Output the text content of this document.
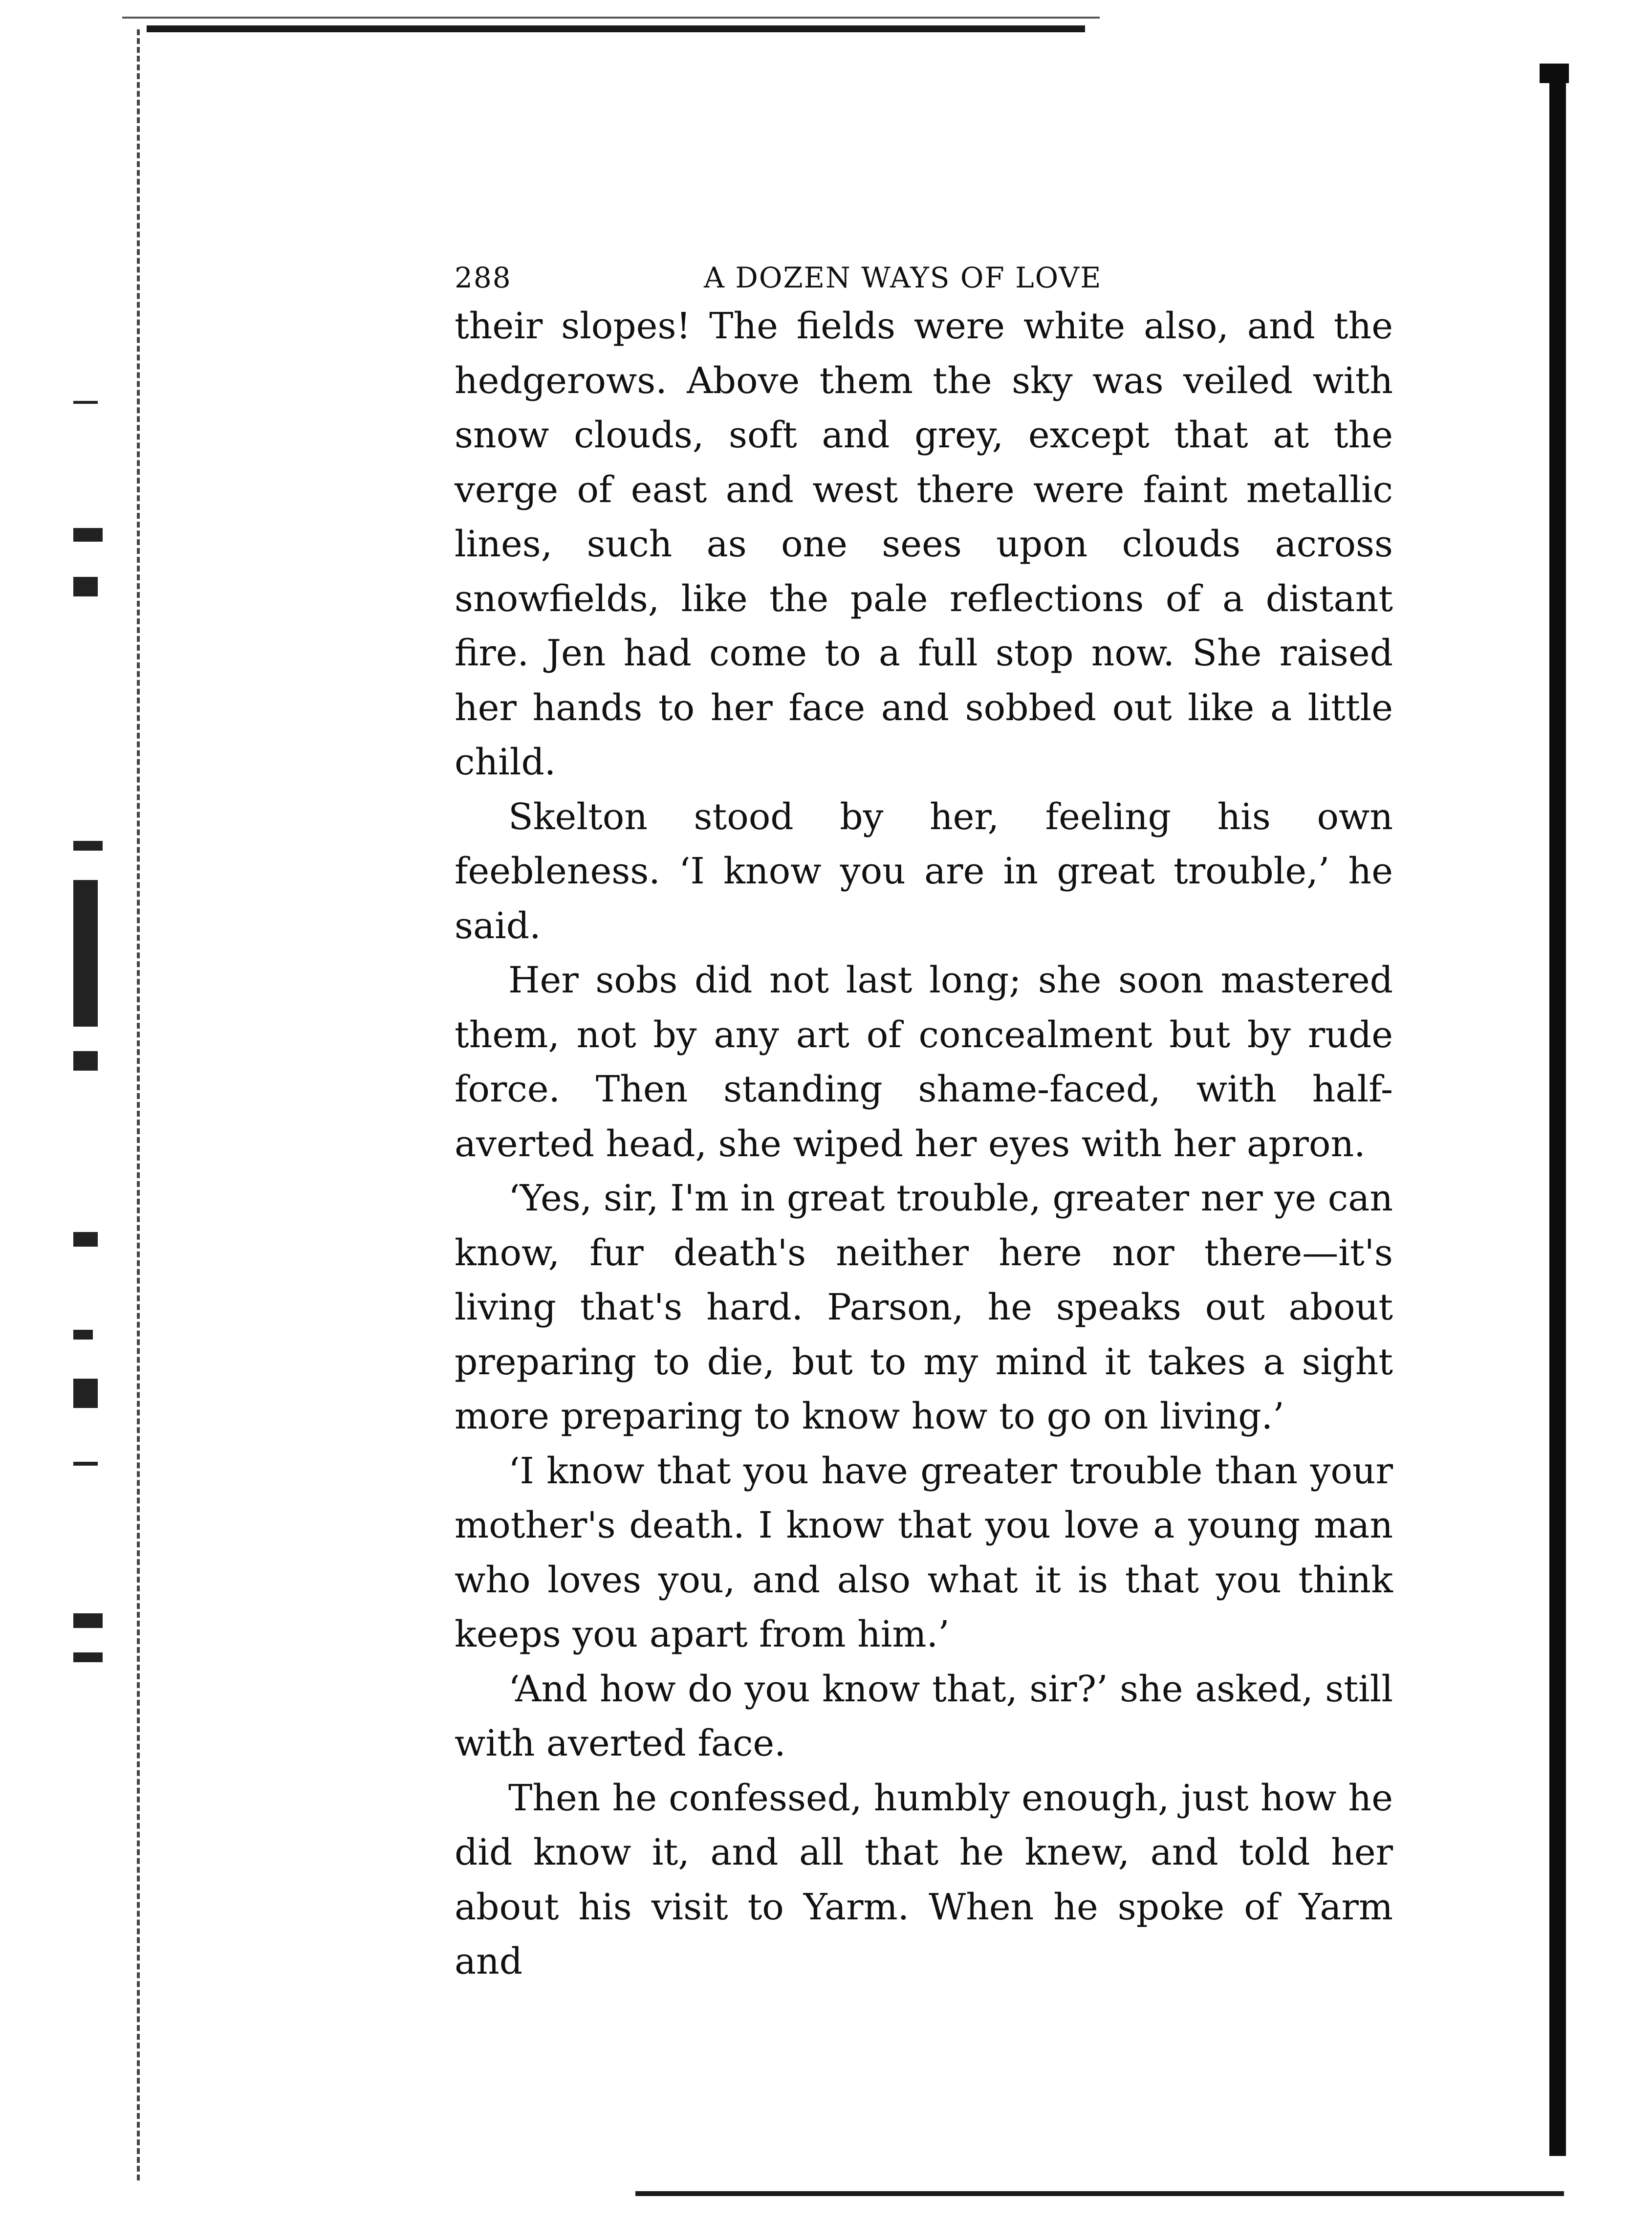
288	A DOZEN WAYS OF LOVE

their slopes! The fields were white also, and the hedgerows. Above them the sky was veiled with snow clouds, soft and grey, except that at the verge of east and west there were faint metallic lines, such as one sees upon clouds across snowfields, like the pale reflections of a distant fire. Jen had come to a full stop now. She raised her hands to her face and sobbed out like a little child.

Skelton stood by her, feeling his own feebleness. ‘I know you are in great trouble,’ he said.

Her sobs did not last long; she soon mastered them, not by any art of concealment but by rude force. Then standing shame-faced, with half-averted head, she wiped her eyes with her apron.

‘Yes, sir, I'm in great trouble, greater ner ye can know, fur death's neither here nor there—it's living that's hard. Parson, he speaks out about preparing to die, but to my mind it takes a sight more preparing to know how to go on living.’

‘I know that you have greater trouble than your mother's death. I know that you love a young man who loves you, and also what it is that you think keeps you apart from him.’

‘And how do you know that, sir?’ she asked, still with averted face.

Then he confessed, humbly enough, just how he did know it, and all that he knew, and told her about his visit to Yarm. When he spoke of Yarm and
